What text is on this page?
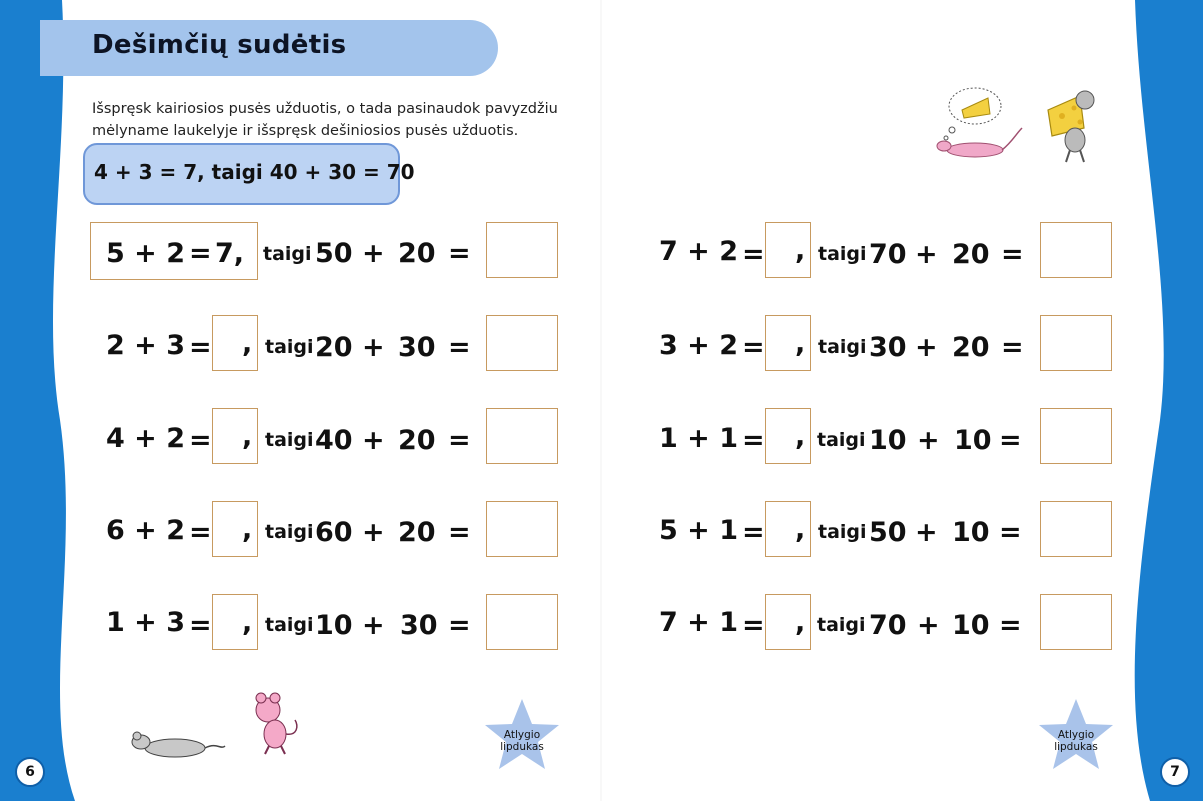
Dešimčių sudėtis

Išspręsk kairiosios pusės užduotis, o tada pasinaudok pavyzdžiu
mėlyname laukelyje ir išspręsk dešiniosios pusės užduotis.

4 + 3 = 7, taigi 40 + 30 = 70
5 + 2 = 7, taigi 50 + 20 =
2 + 3 = , taigi 20 + 30 =
4 + 2 = , taigi 40 + 20 =
6 + 2 = , taigi 60 + 20 =
1 + 3 = , taigi 10 + 30 =
7 + 2 = , taigi 70 + 20 =
3 + 2 = , taigi 30 + 20 =
1 + 1 = , taigi 10 + 10 =
5 + 1 = , taigi 50 + 10 =
7 + 1 = , taigi 70 + 10 =
Atlygio
lipdukas
Atlygio
lipdukas
6	7
